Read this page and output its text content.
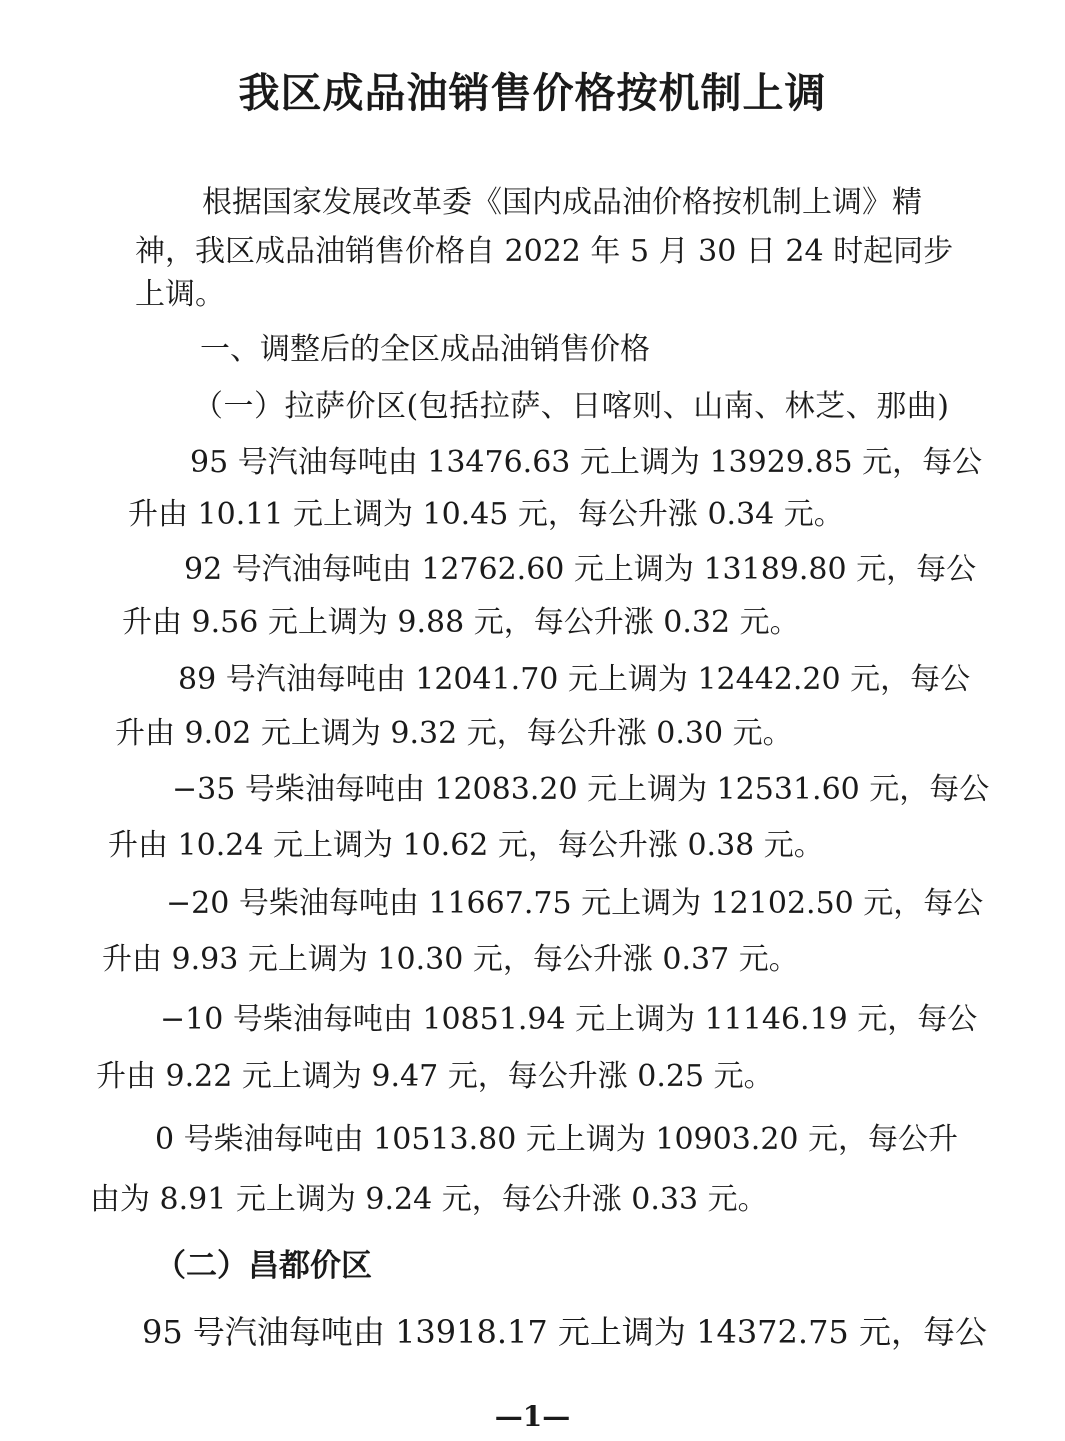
我区成品油销售价格按机制上调
根据国家发展改革委《国内成品油价格按机制上调》精
神，我区成品油销售价格自 2022 年 5 月 30 日 24 时起同步
上调。
一、调整后的全区成品油销售价格
（一）拉萨价区(包括拉萨、日喀则、山南、林芝、那曲)
95 号汽油每吨由 13476.63 元上调为 13929.85 元，每公
升由 10.11 元上调为 10.45 元，每公升涨 0.34 元。
92 号汽油每吨由 12762.60 元上调为 13189.80 元，每公
升由 9.56 元上调为 9.88 元，每公升涨 0.32 元。
89 号汽油每吨由 12041.70 元上调为 12442.20 元，每公
升由 9.02 元上调为 9.32 元，每公升涨 0.30 元。
−35 号柴油每吨由 12083.20 元上调为 12531.60 元，每公
升由 10.24 元上调为 10.62 元，每公升涨 0.38 元。
−20 号柴油每吨由 11667.75 元上调为 12102.50 元，每公
升由 9.93 元上调为 10.30 元，每公升涨 0.37 元。
−10 号柴油每吨由 10851.94 元上调为 11146.19 元，每公
升由 9.22 元上调为 9.47 元，每公升涨 0.25 元。
0 号柴油每吨由 10513.80 元上调为 10903.20 元，每公升
由为 8.91 元上调为 9.24 元，每公升涨 0.33 元。
（二）昌都价区
95 号汽油每吨由 13918.17 元上调为 14372.75 元，每公
—1—
